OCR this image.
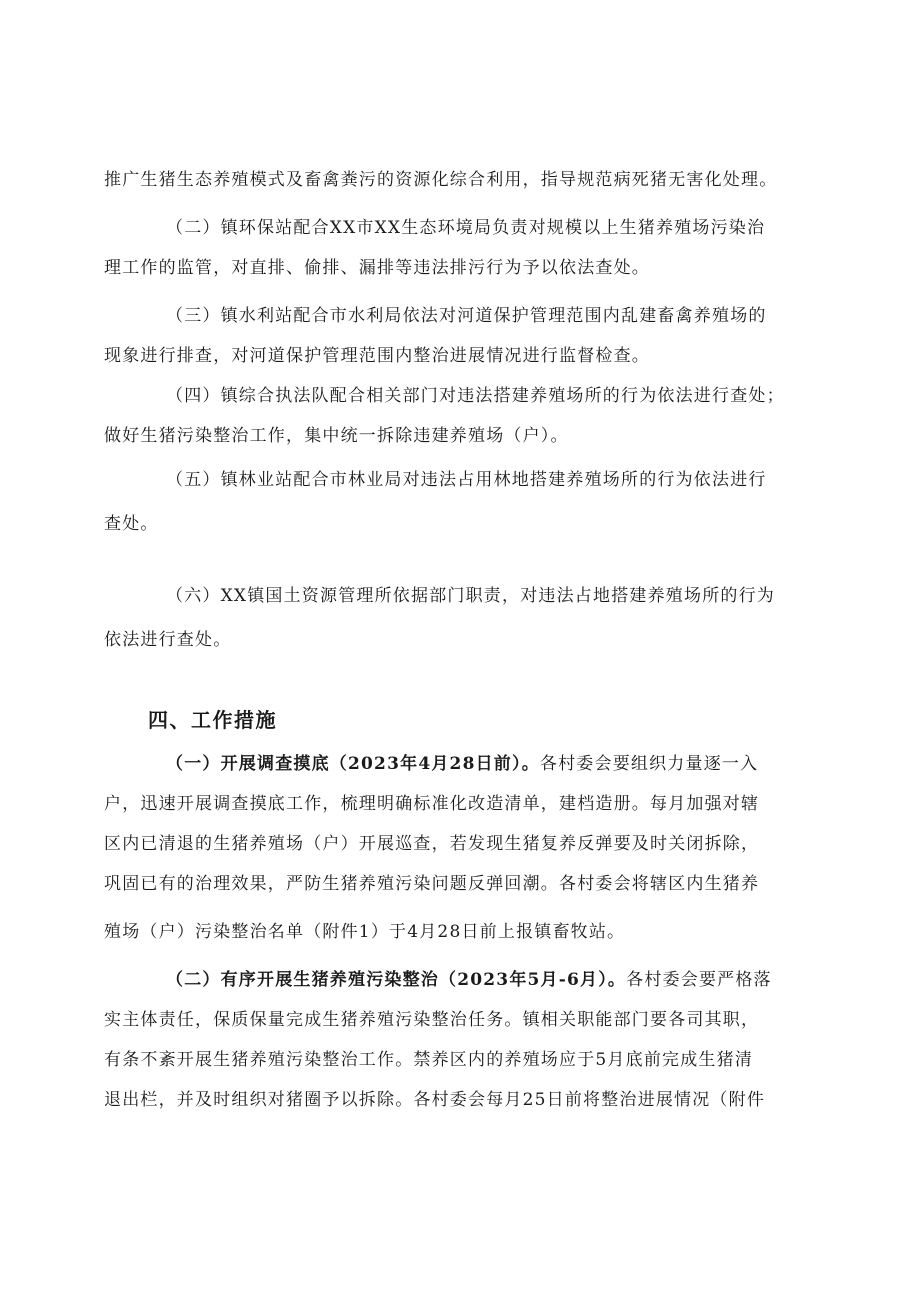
推广生猪生态养殖模式及畜禽粪污的资源化综合利用，指导规范病死猪无害化处理。
（二）镇环保站配合XX市XX生态环境局负责对规模以上生猪养殖场污染治
理工作的监管，对直排、偷排、漏排等违法排污行为予以依法查处。
（三）镇水利站配合市水利局依法对河道保护管理范围内乱建畜禽养殖场的
现象进行排查，对河道保护管理范围内整治进展情况进行监督检查。
（四）镇综合执法队配合相关部门对违法搭建养殖场所的行为依法进行查处；
做好生猪污染整治工作，集中统一拆除违建养殖场（户）。
（五）镇林业站配合市林业局对违法占用林地搭建养殖场所的行为依法进行
查处。
（六）XX镇国土资源管理所依据部门职责，对违法占地搭建养殖场所的行为
依法进行查处。
四、工作措施
（一）开展调查摸底（2023年4月28日前）。各村委会要组织力量逐一入
户，迅速开展调查摸底工作，梳理明确标准化改造清单，建档造册。每月加强对辖
区内已清退的生猪养殖场（户）开展巡查，若发现生猪复养反弹要及时关闭拆除，
巩固已有的治理效果，严防生猪养殖污染问题反弹回潮。各村委会将辖区内生猪养
殖场（户）污染整治名单（附件1）于4月28日前上报镇畜牧站。
（二）有序开展生猪养殖污染整治（2023年5月-6月）。各村委会要严格落
实主体责任，保质保量完成生猪养殖污染整治任务。镇相关职能部门要各司其职，
有条不紊开展生猪养殖污染整治工作。禁养区内的养殖场应于5月底前完成生猪清
退出栏，并及时组织对猪圈予以拆除。各村委会每月25日前将整治进展情况（附件
